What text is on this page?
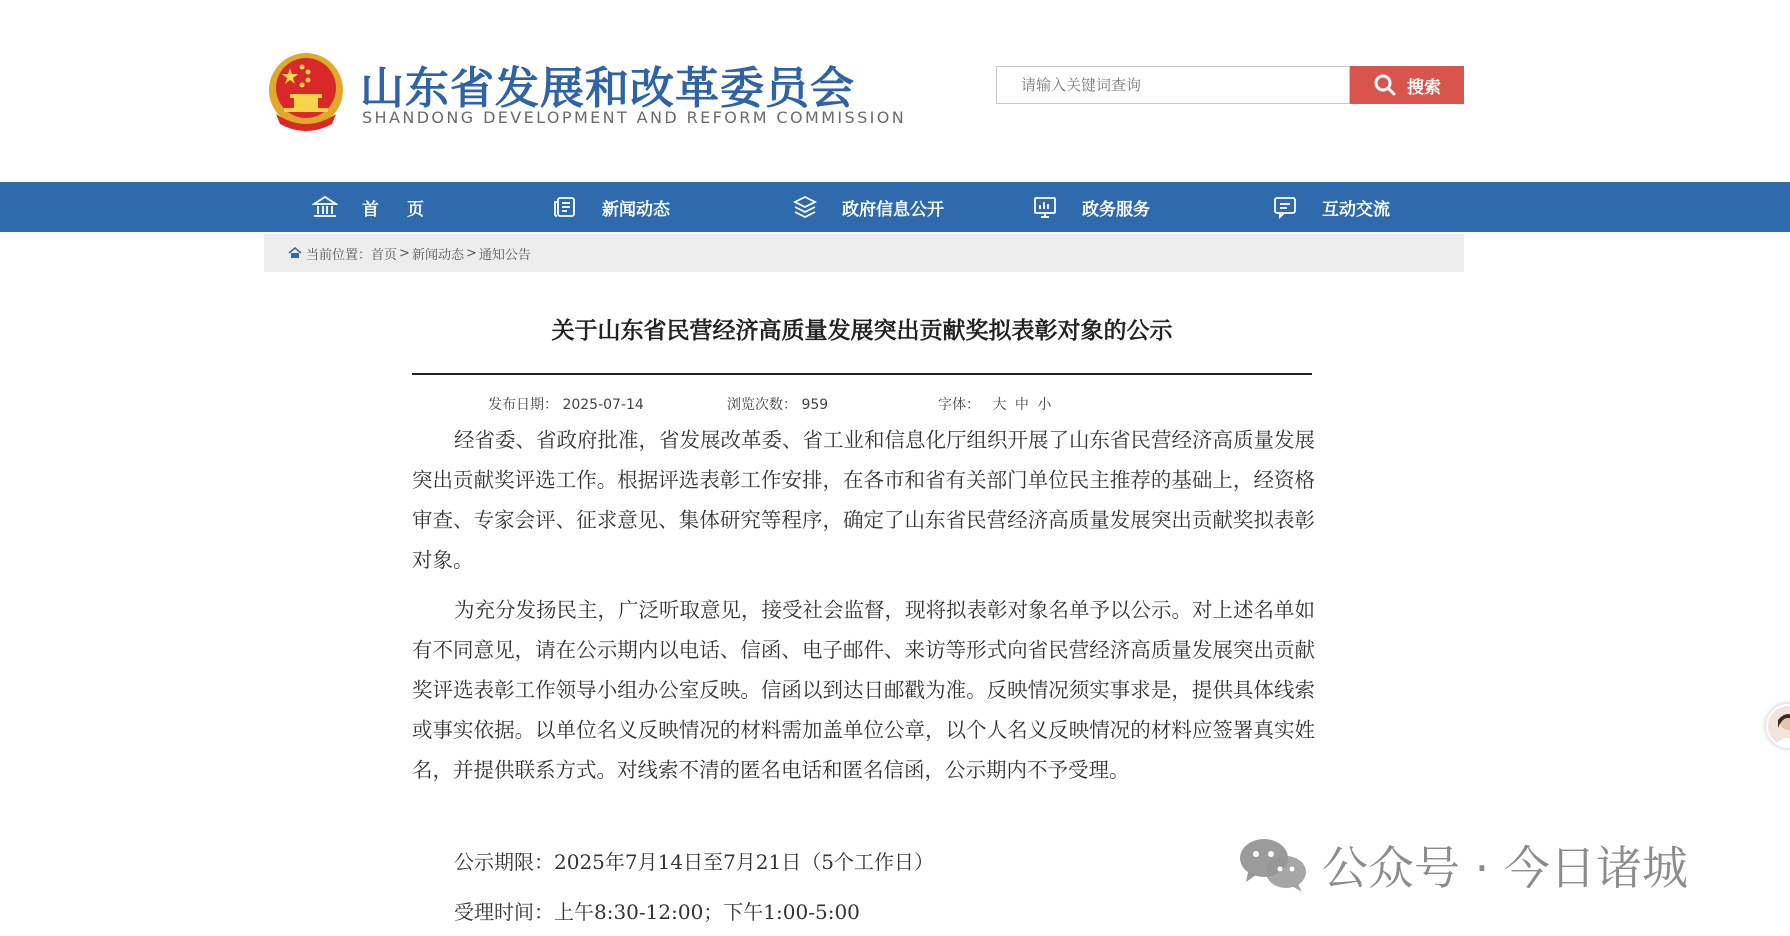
山东省发展和改革委员会
SHANDONG DEVELOPMENT AND REFORM COMMISSION
请输入关键词查询
搜索
首页	新闻动态	政府信息公开	政务服务	互动交流
当前位置： 首页 > 新闻动态 > 通知公告
关于山东省民营经济高质量发展突出贡献奖拟表彰对象的公示
发布日期： 2025-07-14	浏览次数： 959	字体： 大 中 小
经省委、省政府批准，省发展改革委、省工业和信息化厅组织开展了山东省民营经济高质量发展突出贡献奖评选工作。根据评选表彰工作安排，在各市和省有关部门单位民主推荐的基础上，经资格审查、专家会评、征求意见、集体研究等程序，确定了山东省民营经济高质量发展突出贡献奖拟表彰对象。
为充分发扬民主，广泛听取意见，接受社会监督，现将拟表彰对象名单予以公示。对上述名单如有不同意见，请在公示期内以电话、信函、电子邮件、来访等形式向省民营经济高质量发展突出贡献奖评选表彰工作领导小组办公室反映。信函以到达日邮戳为准。反映情况须实事求是，提供具体线索或事实依据。以单位名义反映情况的材料需加盖单位公章，以个人名义反映情况的材料应签署真实姓名，并提供联系方式。对线索不清的匿名电话和匿名信函，公示期内不予受理。
公示期限：2025年7月14日至7月21日（5个工作日）
受理时间：上午8:30-12:00；下午1:00-5:00
公众号 · 今日诸城
